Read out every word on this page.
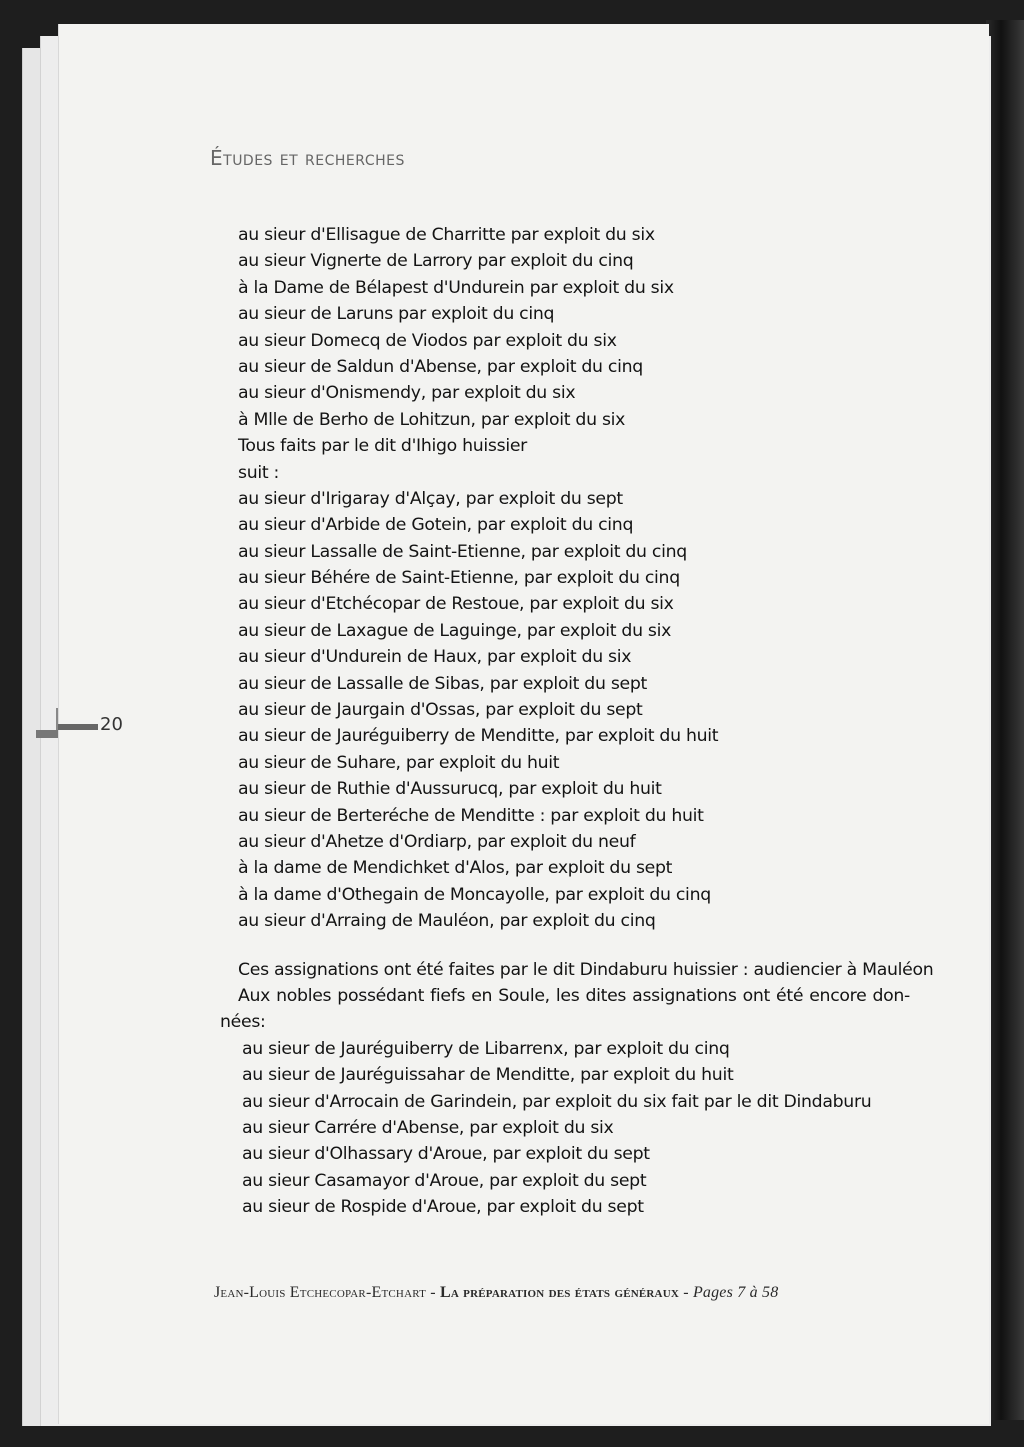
Études et recherches
au sieur d'Ellisague de Charritte par exploit du six
au sieur Vignerte de Larrory par exploit du cinq
à la Dame de Bélapest d'Undurein par exploit du six
au sieur de Laruns par exploit du cinq
au sieur Domecq de Viodos par exploit du six
au sieur de Saldun d'Abense, par exploit du cinq
au sieur d'Onismendy, par exploit du six
à Mlle de Berho de Lohitzun, par exploit du six
Tous faits par le dit d'Ihigo huissier
suit :
au sieur d'Irigaray d'Alçay, par exploit du sept
au sieur d'Arbide de Gotein, par exploit du cinq
au sieur Lassalle de Saint-Etienne, par exploit du cinq
au sieur Béhére de Saint-Etienne, par exploit du cinq
au sieur d'Etchécopar de Restoue, par exploit du six
au sieur de Laxague de Laguinge, par exploit du six
au sieur d'Undurein de Haux, par exploit du six
au sieur de Lassalle de Sibas, par exploit du sept
au sieur de Jaurgain d'Ossas, par exploit du sept
au sieur de Jauréguiberry de Menditte, par exploit du huit
au sieur de Suhare, par exploit du huit
au sieur de Ruthie d'Aussurucq, par exploit du huit
au sieur de Berteréche de Menditte : par exploit du huit
au sieur d'Ahetze d'Ordiarp, par exploit du neuf
à la dame de Mendichket d'Alos, par exploit du sept
à la dame d'Othegain de Moncayolle, par exploit du cinq
au sieur d'Arraing de Mauléon, par exploit du cinq
Ces assignations ont été faites par le dit Dindaburu huissier : audiencier à Mauléon
Aux nobles possédant fiefs en Soule, les dites assignations ont été encore don-
nées:
au sieur de Jauréguiberry de Libarrenx, par exploit du cinq
au sieur de Jauréguissahar de Menditte, par exploit du huit
au sieur d'Arrocain de Garindein, par exploit du six fait par le dit Dindaburu
au sieur Carrére d'Abense, par exploit du six
au sieur d'Olhassary d'Aroue, par exploit du sept
au sieur Casamayor d'Aroue, par exploit du sept
au sieur de Rospide d'Aroue, par exploit du sept
20
Jean-Louis Etchecopar-Etchart - La préparation des états généraux - Pages 7 à 58
